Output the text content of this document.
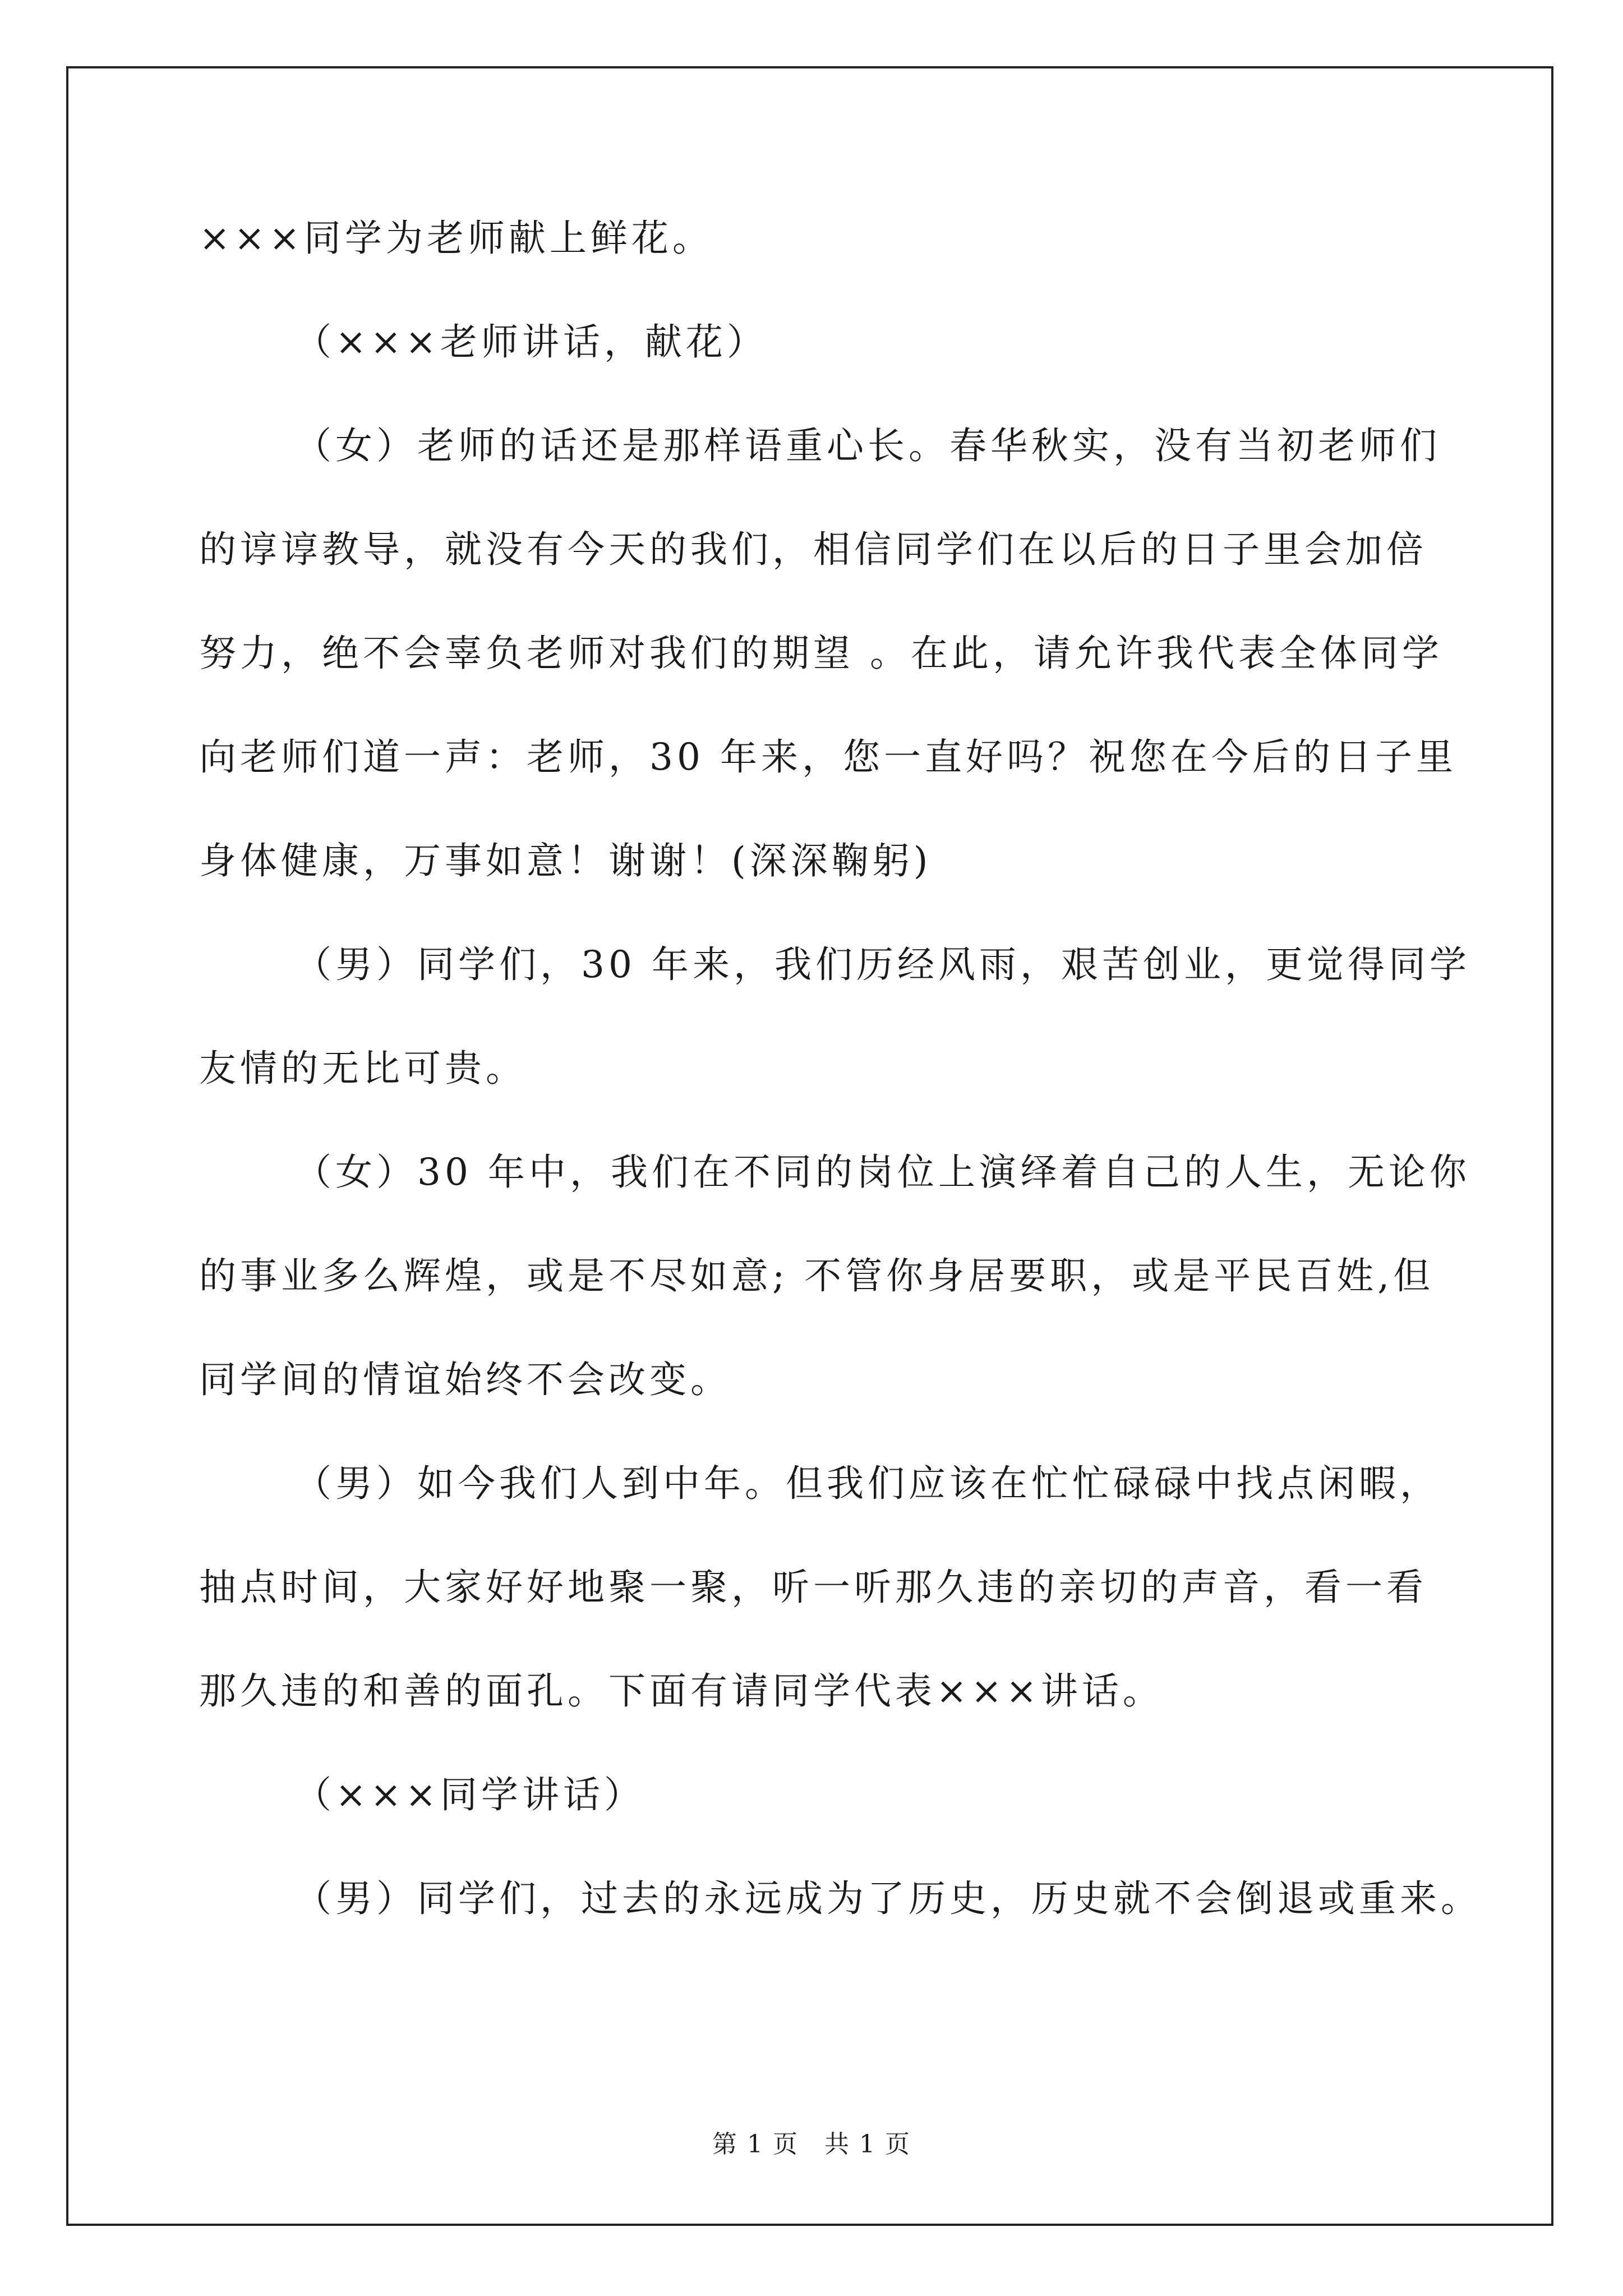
×××同学为老师献上鲜花。
（×××老师讲话，献花）
（女）老师的话还是那样语重心长。春华秋实，没有当初老师们
的谆谆教导，就没有今天的我们，相信同学们在以后的日子里会加倍
努力，绝不会辜负老师对我们的期望 。在此，请允许我代表全体同学
向老师们道一声：老师，30 年来，您一直好吗？祝您在今后的日子里
身体健康，万事如意！谢谢！(深深鞠躬)
（男）同学们，30 年来，我们历经风雨，艰苦创业，更觉得同学
友情的无比可贵。
（女）30 年中，我们在不同的岗位上演绎着自己的人生，无论你
的事业多么辉煌，或是不尽如意; 不管你身居要职，或是平民百姓,但
同学间的情谊始终不会改变。
（男）如今我们人到中年。但我们应该在忙忙碌碌中找点闲暇，
抽点时间，大家好好地聚一聚，听一听那久违的亲切的声音，看一看
那久违的和善的面孔。下面有请同学代表×××讲话。
（×××同学讲话）
（男）同学们，过去的永远成为了历史，历史就不会倒退或重来。
第 1 页　共 1 页
